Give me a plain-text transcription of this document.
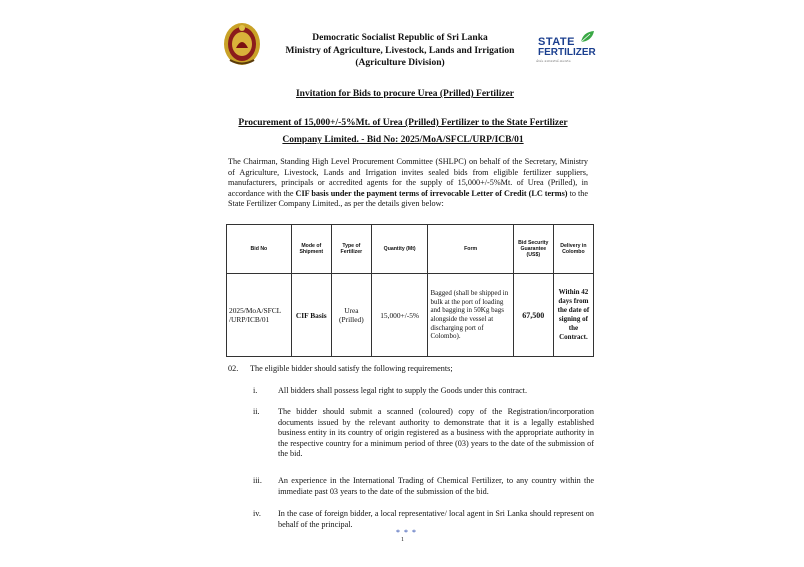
Democratic Socialist Republic of Sri Lanka
Ministry of Agriculture, Livestock, Lands and Irrigation
(Agriculture Division)
STATE
FERTILIZER
රාජ්‍ය පොහොර සමාගම
Invitation for Bids to procure Urea (Prilled) Fertilizer
Procurement of 15,000+/-5%Mt. of Urea (Prilled) Fertilizer to the State Fertilizer Company Limited. - Bid No: 2025/MoA/SFCL/URP/ICB/01
The Chairman, Standing High Level Procurement Committee (SHLPC) on behalf of the Secretary, Ministry of Agriculture, Livestock, Lands and Irrigation invites sealed bids from eligible fertilizer suppliers, manufacturers, principals or accredited agents for the supply of 15,000+/-5%Mt. of Urea (Prilled), in accordance with the CIF basis under the payment terms of irrevocable Letter of Credit (LC terms) to the State Fertilizer Company Limited., as per the details given below:
Bid No	Mode of Shipment	Type of Fertilizer	Quantity (Mt)	Form	Bid Security Guarantee (US$)	Delivery in Colombo
2025/MoA/SFCL /URP/ICB/01	CIF Basis	Urea (Prilled)	15,000+/-5%	Bagged (shall be shipped in bulk at the port of loading and bagging in 50Kg bags alongside the vessel at discharging port of Colombo).	67,500	Within 42 days from the date of signing of the Contract.
02. The eligible bidder should satisfy the following requirements;
i.	All bidders shall possess legal right to supply the Goods under this contract.
ii.	The bidder should submit a scanned (coloured) copy of the Registration/incorporation documents issued by the relevant authority to demonstrate that it is a legally established business entity in its country of origin registered as a business with the appropriate authority in the respective country for a minimum period of three (03) years to the date of the submission of the bid.
iii.	An experience in the International Trading of Chemical Fertilizer, to any country within the immediate past 03 years to the date of the submission of the bid.
iv.	In the case of foreign bidder, a local representative/ local agent in Sri Lanka should represent on behalf of the principal.
* * *
1
